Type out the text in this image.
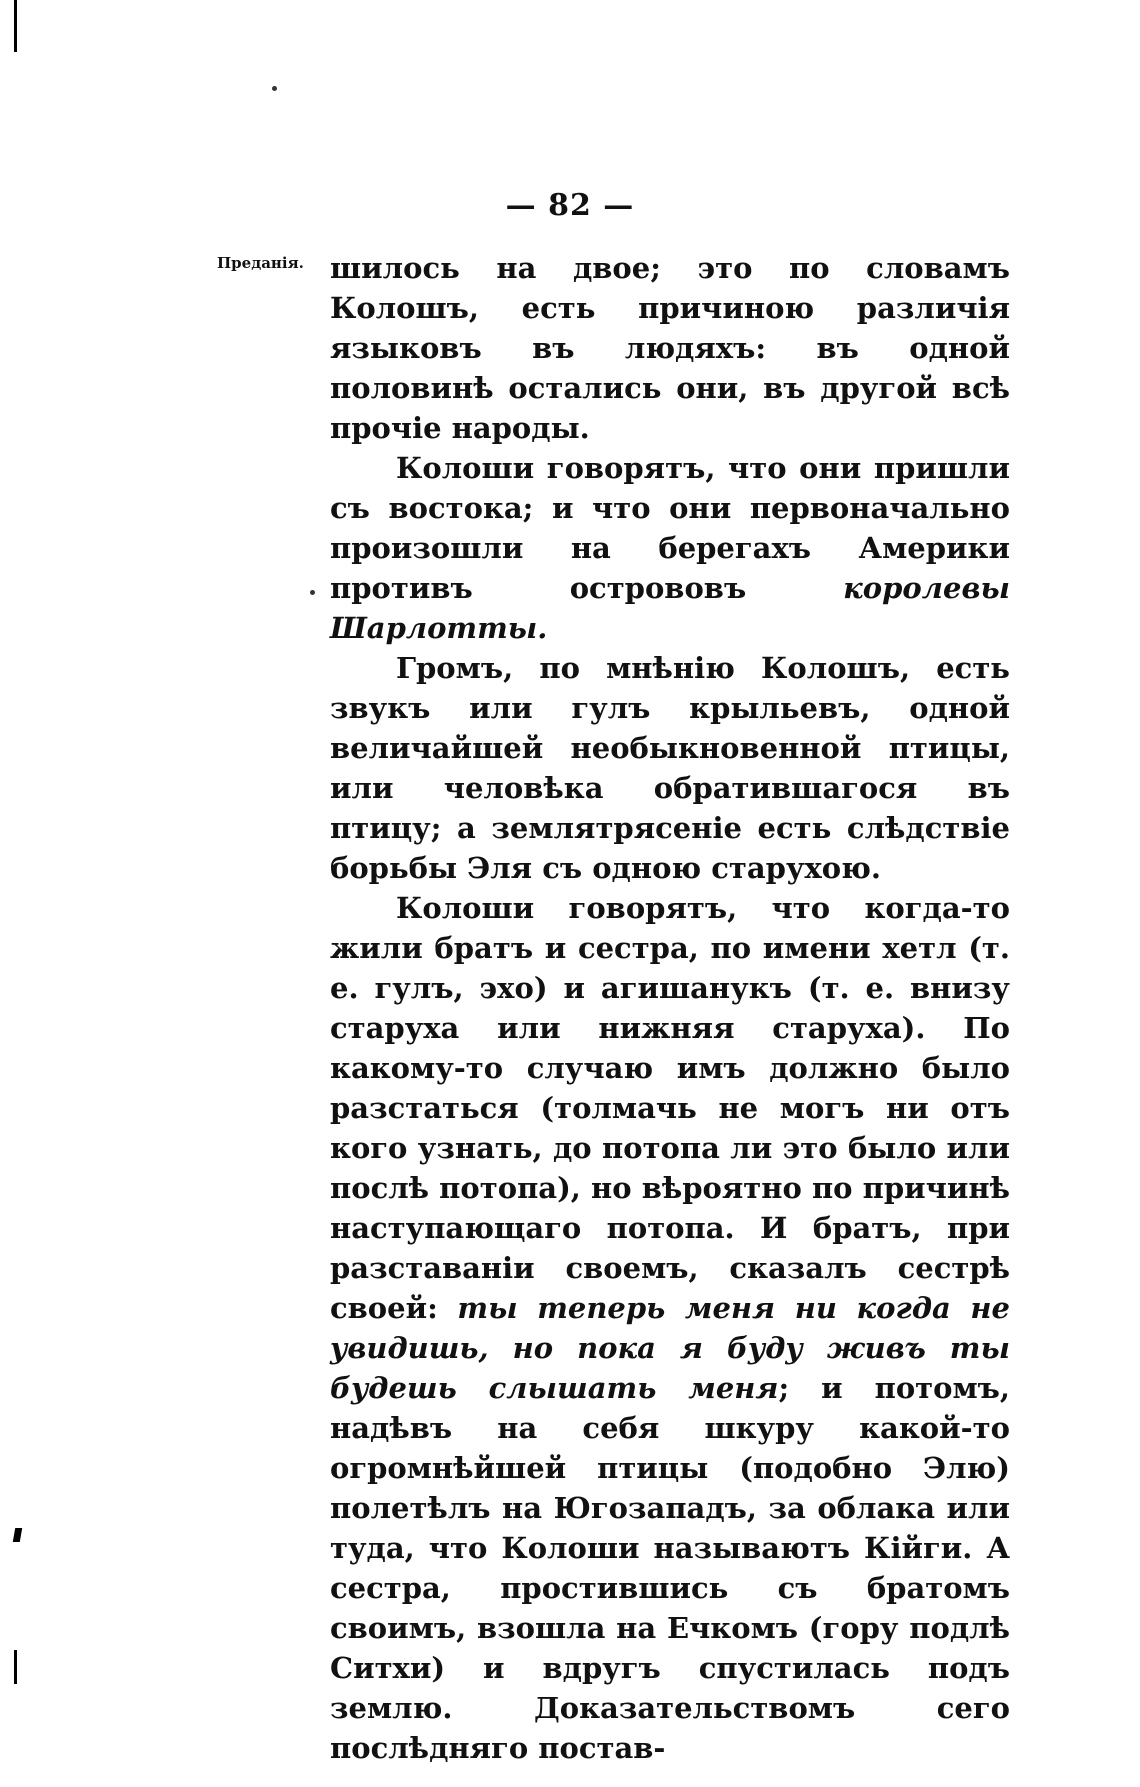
— 82 —
Преданія. шилось на двое; это по словамъ Колошъ, есть причиною различія языковъ въ людяхъ: въ одной половинѣ остались они, въ другой всѣ прочіе народы.

Колоши говорятъ, что они пришли съ востока; и что они первоначально произошли на берегахъ Америки противъ острововъ королевы Шарлотты.

Громъ, по мнѣнію Колошъ, есть звукъ или гулъ крыльевъ, одной величайшей необыкновенной птицы, или человѣка обратившагося въ птицу; а землятрясеніе есть слѣдствіе борьбы Эля съ одною старухою.

Колоши говорятъ, что когда-то жили братъ и сестра, по имени хетл (т. е. гулъ, эхо) и агишанукъ (т. е. внизу старуха или нижняя старуха). По какому-то случаю имъ должно было разстаться (толмачь не могъ ни отъ кого узнать, до потопа ли это было или послѣ потопа), но вѣроятно по причинѣ наступающаго потопа. И братъ, при разставаніи своемъ, сказалъ сестрѣ своей: ты теперь меня ни когда не увидишь, но пока я буду живъ ты будешь слышать меня; и потомъ, надѣвъ на себя шкуру какой-то огромнѣйшей птицы (подобно Элю) полетѣлъ на Югозападъ, за облака или туда, что Колоши называютъ Кійги. А сестра, простившись съ братомъ своимъ, взошла на Ечкомъ (гору подлѣ Ситхи) и вдругъ спустилась подъ землю. Доказательствомъ сего послѣдняго постав-
